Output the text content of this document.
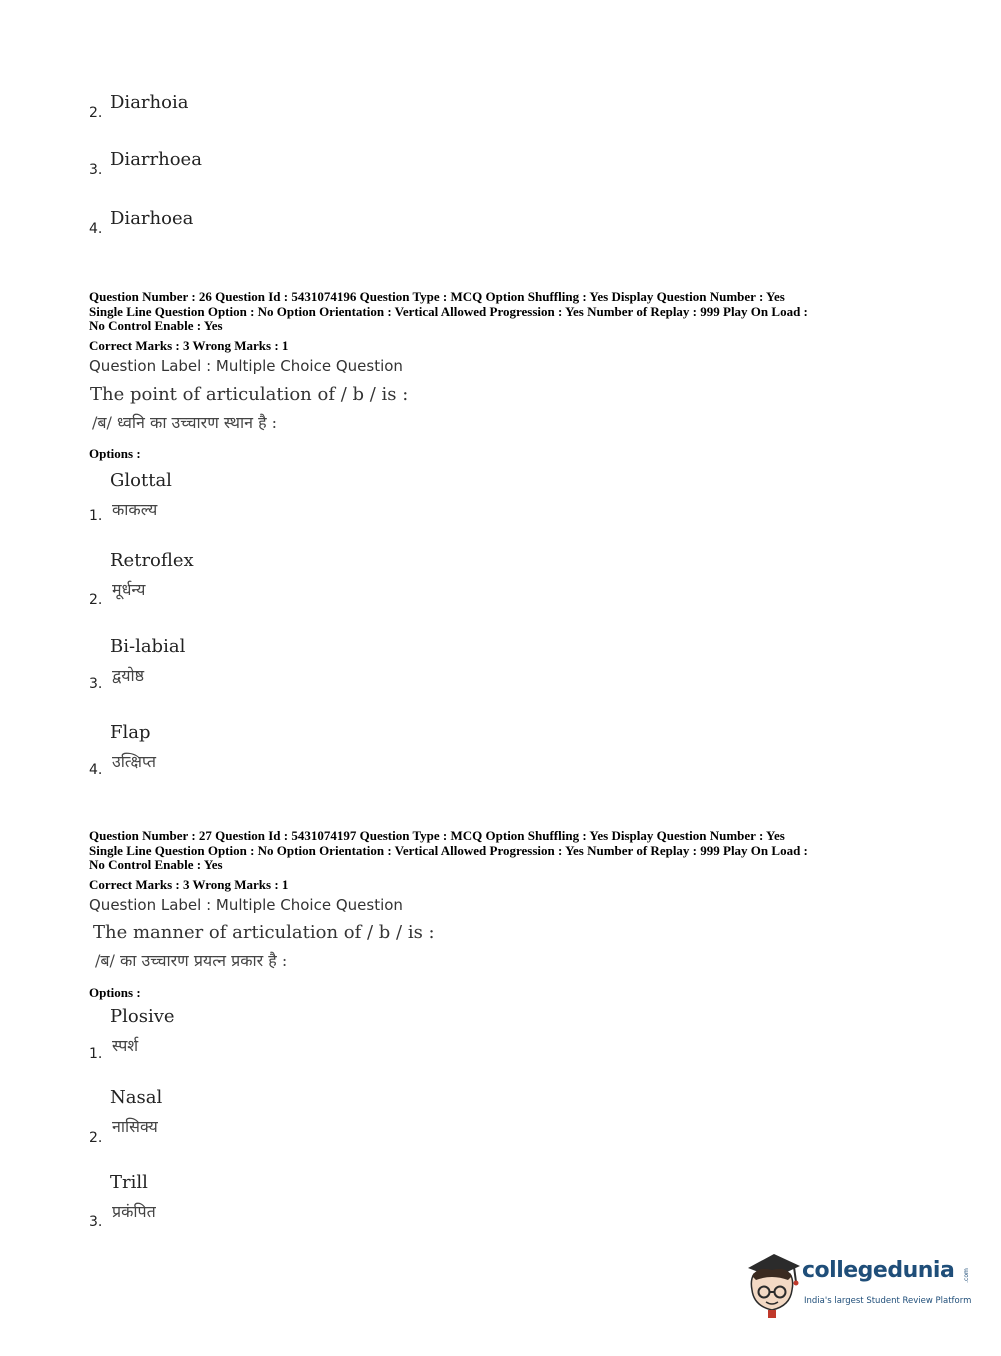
Diarhoia
2.
Diarrhoea
3.
Diarhoea
4.
Question Number : 26 Question Id : 5431074196 Question Type : MCQ Option Shuffling : Yes Display Question Number : Yes
Single Line Question Option : No Option Orientation : Vertical Allowed Progression : Yes Number of Replay : 999 Play On Load :
No Control Enable : Yes
Correct Marks : 3 Wrong Marks : 1
Question Label : Multiple Choice Question
The point of articulation of / b / is :
/ब/ ध्वनि का उच्चारण स्थान है :
Options :
Glottal
काकल्य
1.
Retroflex
मूर्धन्य
2.
Bi-labial
द्वयोष्ठ
3.
Flap
उत्क्षिप्त
4.
Question Number : 27 Question Id : 5431074197 Question Type : MCQ Option Shuffling : Yes Display Question Number : Yes
Single Line Question Option : No Option Orientation : Vertical Allowed Progression : Yes Number of Replay : 999 Play On Load :
No Control Enable : Yes
Correct Marks : 3 Wrong Marks : 1
Question Label : Multiple Choice Question
The manner of articulation of / b / is :
/ब/ का उच्चारण प्रयत्न प्रकार है :
Options :
Plosive
स्पर्श
1.
Nasal
नासिक्य
2.
Trill
प्रकंपित
3.
collegedunia .com
India's largest Student Review Platform
